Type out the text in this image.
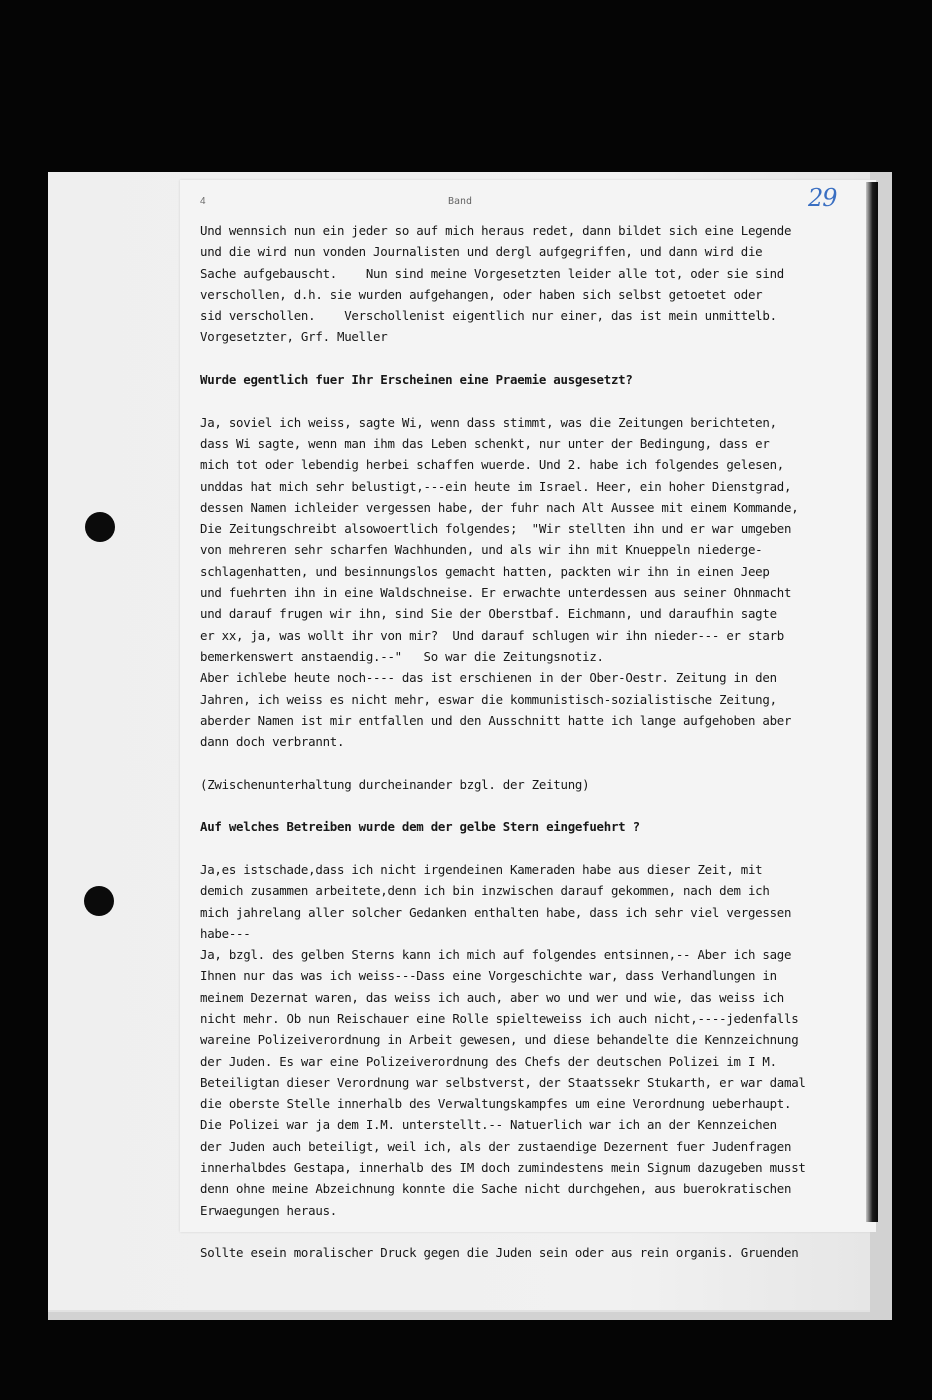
4	Band	29
Und wennsich nun ein jeder so auf mich heraus redet, dann bildet sich eine Legende
und die wird nun vonden Journalisten und dergl aufgegriffen, und dann wird die
Sache aufgebauscht.    Nun sind meine Vorgesetzten leider alle tot, oder sie sind
verschollen, d.h. sie wurden aufgehangen, oder haben sich selbst getoetet oder
sid verschollen.    Verschollenist eigentlich nur einer, das ist mein unmittelb.
Vorgesetzter, Grf. Mueller
Wurde egentlich fuer Ihr Erscheinen eine Praemie ausgesetzt?
Ja, soviel ich weiss, sagte Wi, wenn dass stimmt, was die Zeitungen berichteten,
dass Wi sagte, wenn man ihm das Leben schenkt, nur unter der Bedingung, dass er
mich tot oder lebendig herbei schaffen wuerde. Und 2. habe ich folgendes gelesen,
unddas hat mich sehr belustigt,---ein heute im Israel. Heer, ein hoher Dienstgrad,
dessen Namen ichleider vergessen habe, der fuhr nach Alt Aussee mit einem Kommande,
Die Zeitungschreibt alsowoertlich folgendes;  "Wir stellten ihn und er war umgeben
von mehreren sehr scharfen Wachhunden, und als wir ihn mit Knueppeln niederge-
schlagenhatten, und besinnungslos gemacht hatten, packten wir ihn in einen Jeep
und fuehrten ihn in eine Waldschneise. Er erwachte unterdessen aus seiner Ohnmacht
und darauf frugen wir ihn, sind Sie der Oberstbaf. Eichmann, und daraufhin sagte
er xx, ja, was wollt ihr von mir?  Und darauf schlugen wir ihn nieder--- er starb
bemerkenswert anstaendig.--"   So war die Zeitungsnotiz.
Aber ichlebe heute noch---- das ist erschienen in der Ober-Oestr. Zeitung in den
Jahren, ich weiss es nicht mehr, eswar die kommunistisch-sozialistische Zeitung,
aberder Namen ist mir entfallen und den Ausschnitt hatte ich lange aufgehoben aber
dann doch verbrannt.
(Zwischenunterhaltung durcheinander bzgl. der Zeitung)
Auf welches Betreiben wurde dem der gelbe Stern eingefuehrt ?
Ja,es istschade,dass ich nicht irgendeinen Kameraden habe aus dieser Zeit, mit
demich zusammen arbeitete,denn ich bin inzwischen darauf gekommen, nach dem ich
mich jahrelang aller solcher Gedanken enthalten habe, dass ich sehr viel vergessen
habe---
Ja, bzgl. des gelben Sterns kann ich mich auf folgendes entsinnen,-- Aber ich sage
Ihnen nur das was ich weiss---Dass eine Vorgeschichte war, dass Verhandlungen in
meinem Dezernat waren, das weiss ich auch, aber wo und wer und wie, das weiss ich
nicht mehr. Ob nun Reischauer eine Rolle spielteweiss ich auch nicht,----jedenfalls
wareine Polizeiverordnung in Arbeit gewesen, und diese behandelte die Kennzeichnung
der Juden. Es war eine Polizeiverordnung des Chefs der deutschen Polizei im I M.
Beteiligtan dieser Verordnung war selbstverst, der Staatssekr Stukarth, er war damal
die oberste Stelle innerhalb des Verwaltungskampfes um eine Verordnung ueberhaupt.
Die Polizei war ja dem I.M. unterstellt.-- Natuerlich war ich an der Kennzeichen
der Juden auch beteiligt, weil ich, als der zustaendige Dezernent fuer Judenfragen
innerhalbdes Gestapa, innerhalb des IM doch zumindestens mein Signum dazugeben musst
denn ohne meine Abzeichnung konnte die Sache nicht durchgehen, aus buerokratischen
Erwaegungen heraus.
Sollte esein moralischer Druck gegen die Juden sein oder aus rein organis. Gruenden
